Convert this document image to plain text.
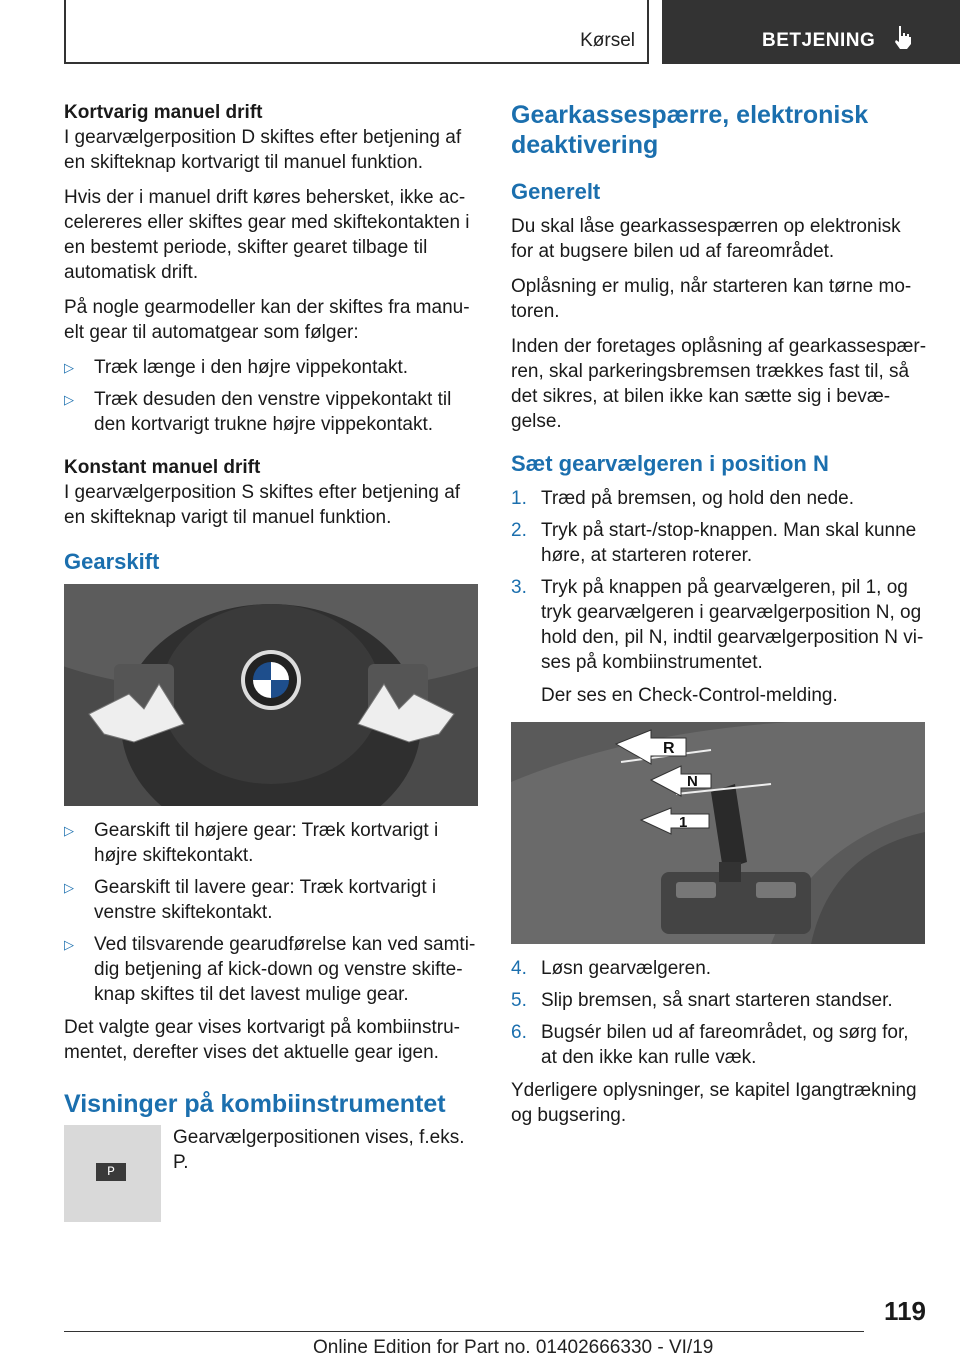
Kørsel	BETJENING

Kortvarig manuel drift

I gearvælgerposition D skiftes efter betjening af en skifteknap kortvarigt til manuel funktion.

Hvis der i manuel drift køres behersket, ikke accelereres eller skiftes gear med skiftekontakten i en bestemt periode, skifter gearet tilbage til automatisk drift.

På nogle gearmodeller kan der skiftes fra manuelt gear til automatgear som følger:

▷ Træk længe i den højre vippekontakt.
▷ Træk desuden den venstre vippekontakt til den kortvarigt trukne højre vippekontakt.

Konstant manuel drift

I gearvælgerposition S skiftes efter betjening af en skifteknap varigt til manuel funktion.

Gearskift
▷ Gearskift til højere gear: Træk kortvarigt i højre skiftekontakt.
▷ Gearskift til lavere gear: Træk kortvarigt i venstre skiftekontakt.
▷ Ved tilsvarende gearudførelse kan ved samtidig betjening af kick-down og venstre skifteknap skiftes til det lavest mulige gear.

Det valgte gear vises kortvarigt på kombiinstrumentet, derefter vises det aktuelle gear igen.

Visninger på kombiinstrumentet
P
Gearvælgerpositionen vises, f.eks. P.
Gearkassespærre, elektronisk deaktivering
Generelt

Du skal låse gearkassespærren op elektronisk for at bugsere bilen ud af fareområdet.

Oplåsning er mulig, når starteren kan tørne motoren.

Inden der foretages oplåsning af gearkassespærren, skal parkeringsbremsen trækkes fast til, så det sikres, at bilen ikke kan sætte sig i bevægelse.

Sæt gearvælgeren i position N
1. Træd på bremsen, og hold den nede.
2. Tryk på start-/stop-knappen. Man skal kunne høre, at starteren roterer.
3. Tryk på knappen på gearvælgeren, pil 1, og tryk gearvælgeren i gearvælgerposition N, og hold den, pil N, indtil gearvælgerposition N vises på kombiinstrumentet.
Der ses en Check-Control-melding.
R
N
1
4. Løsn gearvælgeren.
5. Slip bremsen, så snart starteren standser.
6. Bugsér bilen ud af fareområdet, og sørg for, at den ikke kan rulle væk.

Yderligere oplysninger, se kapitel Igangtrækning og bugsering.

119
Online Edition for Part no. 01402666330 - VI/19
